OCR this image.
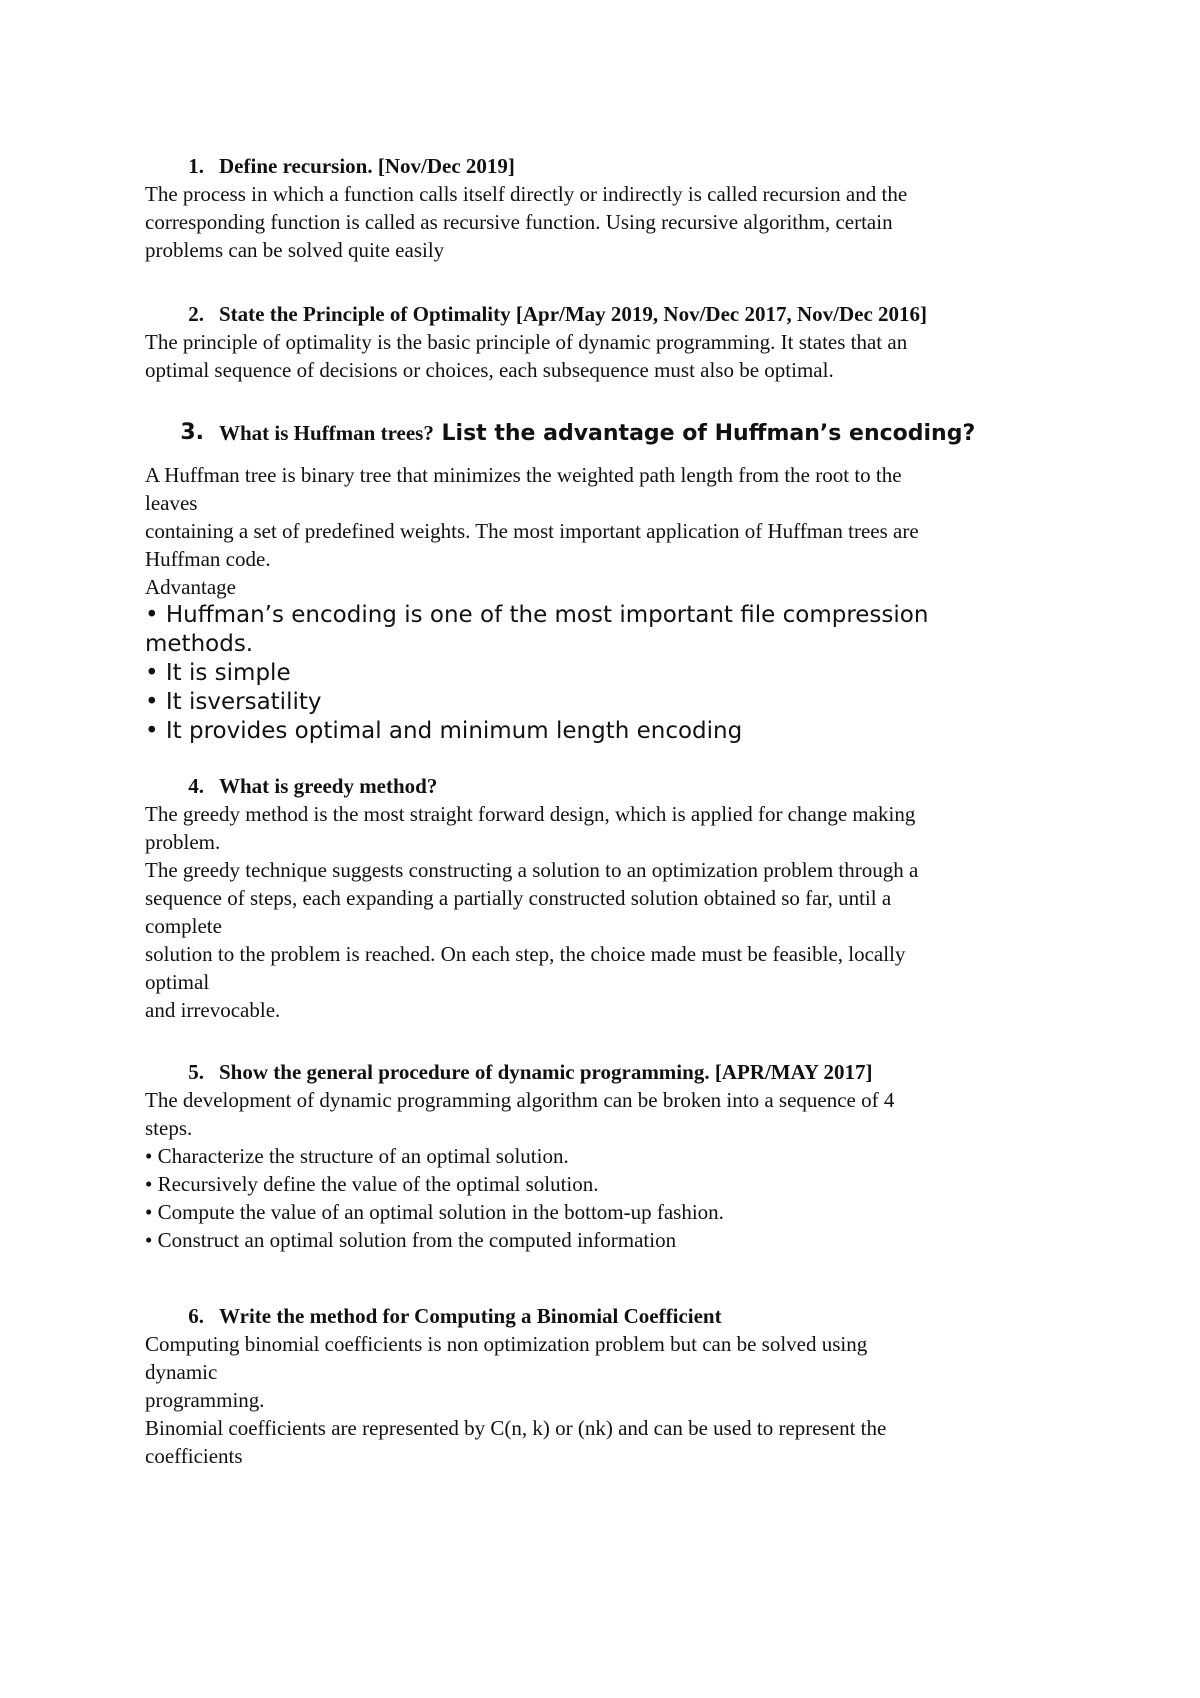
1. Define recursion. [Nov/Dec 2019]

The process in which a function calls itself directly or indirectly is called recursion and the

corresponding function is called as recursive function. Using recursive algorithm, certain

problems can be solved quite easily

2. State the Principle of Optimality [Apr/May 2019, Nov/Dec 2017, Nov/Dec 2016]

The principle of optimality is the basic principle of dynamic programming. It states that an

optimal sequence of decisions or choices, each subsequence must also be optimal.

3. What is Huffman trees? List the advantage of Huffman’s encoding?

A Huffman tree is binary tree that minimizes the weighted path length from the root to the

leaves

containing a set of predefined weights. The most important application of Huffman trees are

Huffman code.

Advantage

• Huffman’s encoding is one of the most important file compression

methods.

• It is simple

• It isversatility

• It provides optimal and minimum length encoding

4. What is greedy method?

The greedy method is the most straight forward design, which is applied for change making

problem.

The greedy technique suggests constructing a solution to an optimization problem through a

sequence of steps, each expanding a partially constructed solution obtained so far, until a

complete

solution to the problem is reached. On each step, the choice made must be feasible, locally

optimal

and irrevocable.

5. Show the general procedure of dynamic programming. [APR/MAY 2017]

The development of dynamic programming algorithm can be broken into a sequence of 4

steps.

• Characterize the structure of an optimal solution.

• Recursively define the value of the optimal solution.

• Compute the value of an optimal solution in the bottom-up fashion.

• Construct an optimal solution from the computed information

6. Write the method for Computing a Binomial Coefficient

Computing binomial coefficients is non optimization problem but can be solved using

dynamic

programming.

Binomial coefficients are represented by C(n, k) or (nk) and can be used to represent the

coefficients
